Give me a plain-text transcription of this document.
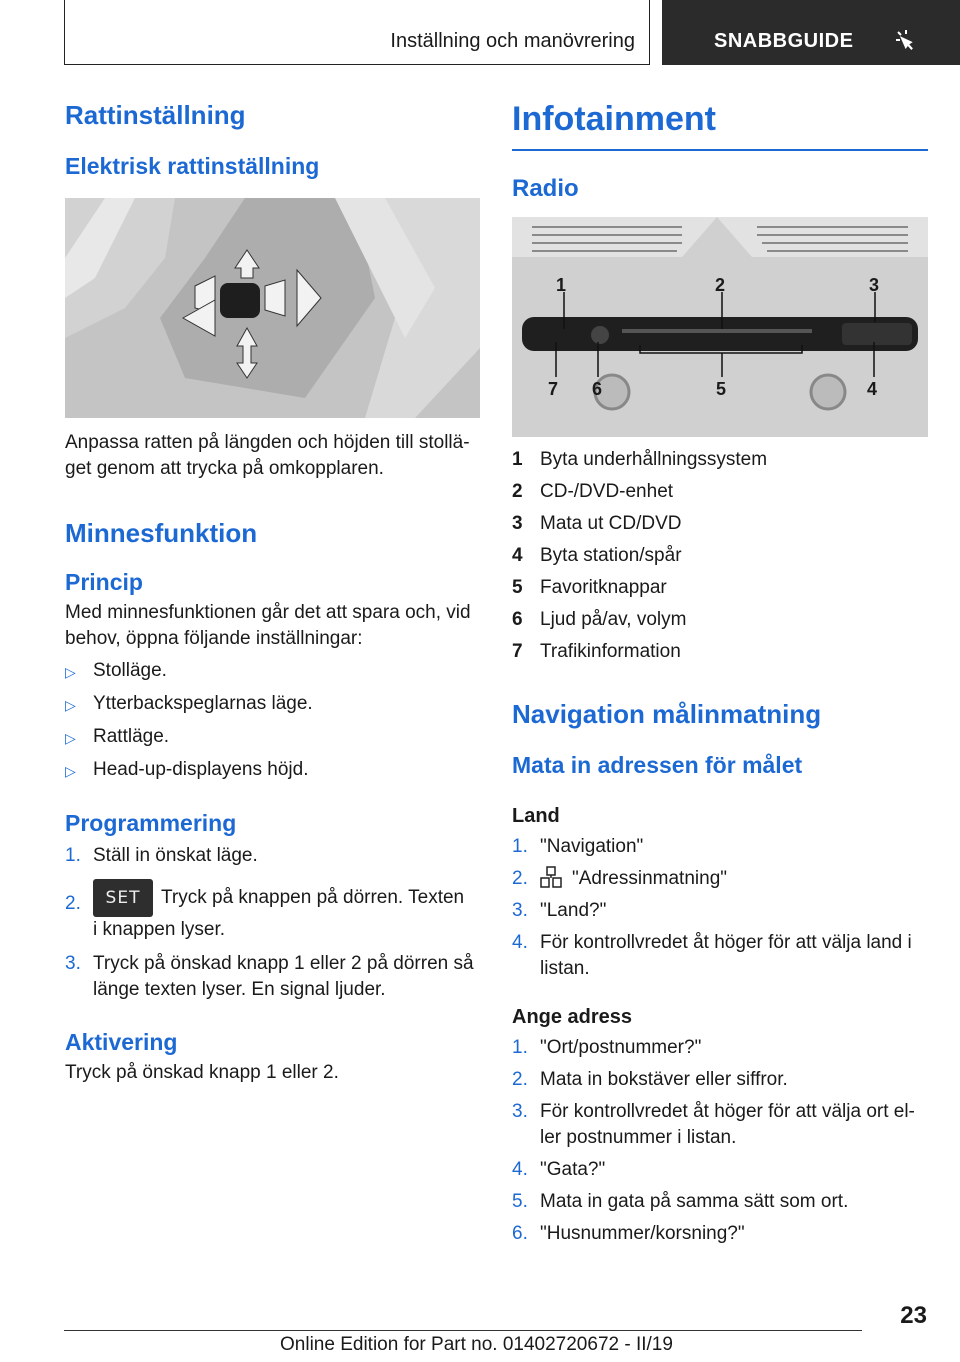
Inställning och manövrering	SNABBGUIDE
Rattinställning
Elektrisk rattinställning
Anpassa ratten på längden och höjden till stollä-
get genom att trycka på omkopplaren.
Minnesfunktion
Princip
Med minnesfunktionen går det att spara och, vid
behov, öppna följande inställningar:
▷ Stolläge.
▷ Ytterbackspeglarnas läge.
▷ Rattläge.
▷ Head-up-displayens höjd.
Programmering
1. Ställ in önskat läge.
2.	SET Tryck på knappen på dörren. Texten
i knappen lyser.
3. Tryck på önskad knapp 1 eller 2 på dörren så
länge texten lyser. En signal ljuder.
Aktivering
Tryck på önskad knapp 1 eller 2.
Infotainment
Radio
1	2	3
4
5
6
7
1 Byta underhållningssystem
2 CD-/DVD-enhet
3 Mata ut CD/DVD
4 Byta station/spår
5 Favoritknappar
6 Ljud på/av, volym
7 Trafikinformation
Navigation målinmatning
Mata in adressen för målet
Land
1. "Navigation"
2.	"Adressinmatning"
3. "Land?"
4. För kontrollvredet åt höger för att välja land i
listan.
Ange adress
1. "Ort/postnummer?"
2. Mata in bokstäver eller siffror.
3. För kontrollvredet åt höger för att välja ort el-
ler postnummer i listan.
4. "Gata?"
5. Mata in gata på samma sätt som ort.
6. "Husnummer/korsning?"
23
Online Edition for Part no. 01402720672 - II/19
